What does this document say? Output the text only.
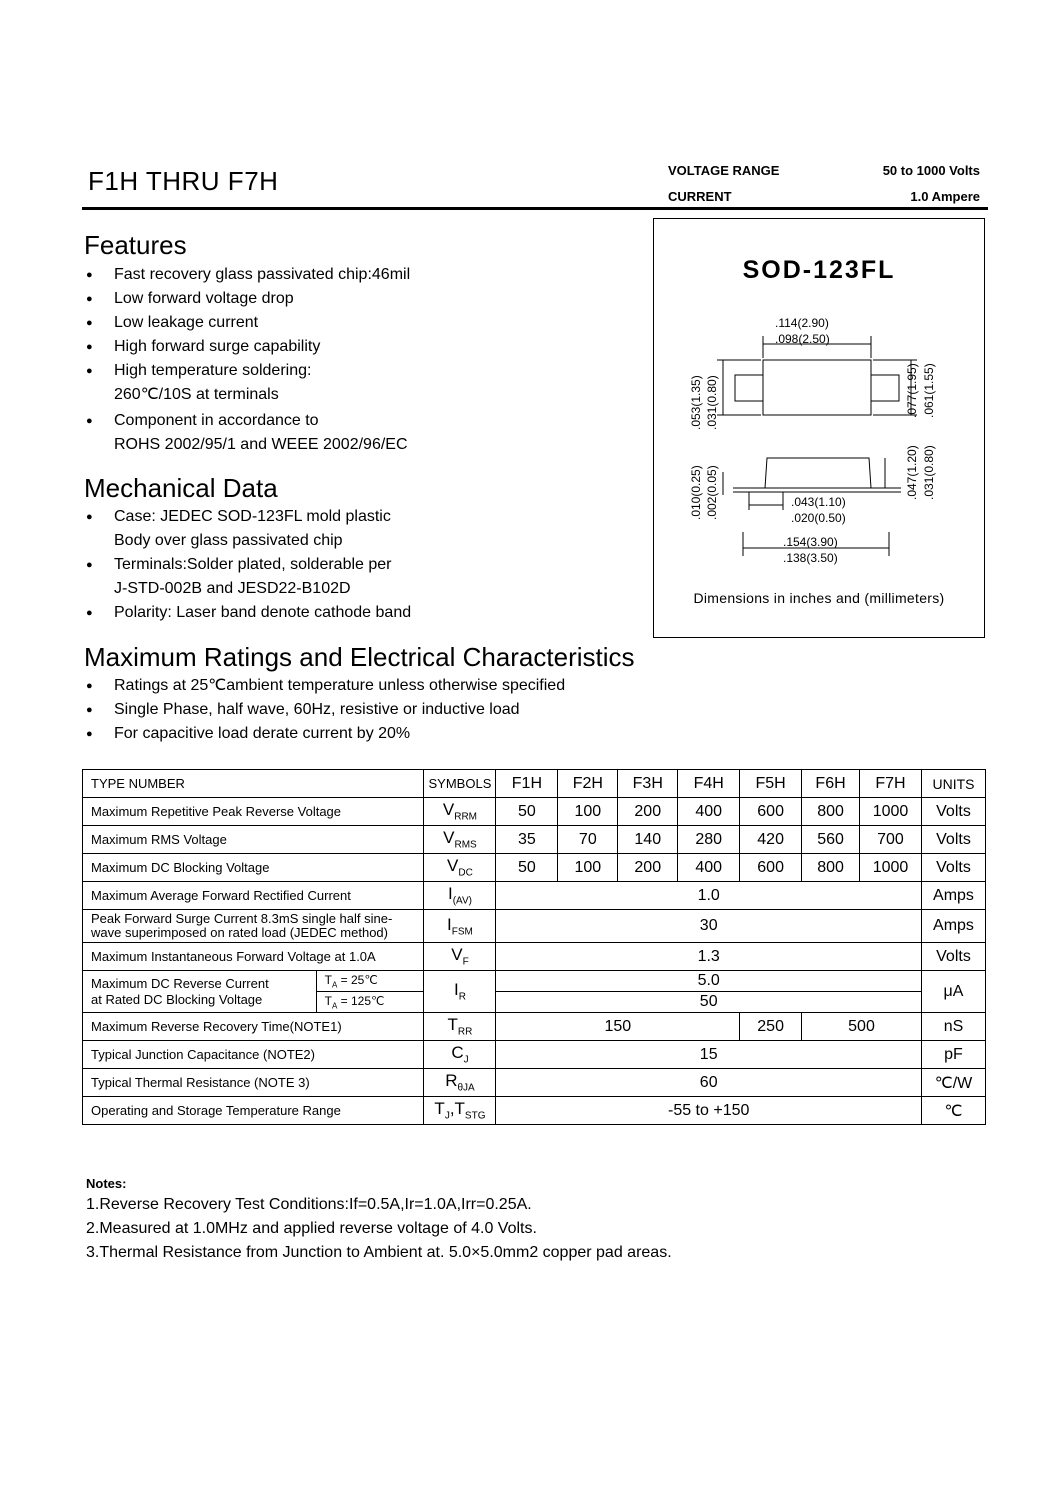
F1H THRU F7H	VOLTAGE RANGE	50 to 1000 Volts
CURRENT	1.0 Ampere
Features
● Fast recovery glass passivated chip:46mil
● Low forward voltage drop
● Low leakage current
● High forward surge capability
● High temperature soldering:
260℃/10S at terminals
● Component in accordance to
ROHS 2002/95/1 and WEEE 2002/96/EC
Mechanical Data
● Case: JEDEC SOD-123FL mold plastic
Body over glass passivated chip
● Terminals:Solder plated, solderable per
J-STD-002B and JESD22-B102D
● Polarity: Laser band denote cathode band
SOD-123FL
.114(2.90)
.098(2.50)
.053(1.35) .031(0.80)	.077(1.95) .061(1.55)
.010(0.25) .002(0.05)	.047(1.20) .031(0.80)
.043(1.10)
.020(0.50)
.154(3.90)
.138(3.50)
Dimensions in inches and (millimeters)
Maximum Ratings and Electrical Characteristics
● Ratings at 25℃ambient temperature unless otherwise specified
● Single Phase, half wave, 60Hz, resistive or inductive load
● For capacitive load derate current by 20%
TYPE NUMBER		SYMBOLS	F1H	F2H	F3H	F4H	F5H	F6H	F7H	UNITS
Maximum Repetitive Peak Reverse Voltage		$V_{RRM}$	50	100	200	400	600	800	1000	Volts
Maximum RMS Voltage		$V_{RMS}$	35	70	140	280	420	560	700	Volts
Maximum DC Blocking Voltage		$V_{DC}$	50	100	200	400	600	800	1000	Volts
Maximum Average Forward Rectified Current		$I_{(AV)}$	1.0							Amps
Peak Forward Surge Current 8.3mS single half sine-
wave superimposed on rated load (JEDEC method)		$I_{FSM}$	30							Amps
Maximum Instantaneous Forward Voltage at 1.0A		$V_F$	1.3							Volts
Maximum DC Reverse Current
at Rated DC Blocking Voltage	$T_A$ = 25℃	$I_R$	5.0							μA
	$T_A$ = 125℃		50							
Maximum Reverse Recovery Time(NOTE1)		$T_{RR}$	150				250	500		nS
Typical Junction Capacitance (NOTE2)		$C_J$	15							pF
Typical Thermal Resistance (NOTE 3)		$R_{\theta JA}$	60							℃/W
Operating and Storage Temperature Range		$T_J,T_{STG}$	-55 to +150							℃
Notes:
1.Reverse Recovery Test Conditions:If=0.5A,Ir=1.0A,Irr=0.25A.
2.Measured at 1.0MHz and applied reverse voltage of 4.0 Volts.
3.Thermal Resistance from Junction to Ambient at. 5.0×5.0mm2 copper pad areas.
